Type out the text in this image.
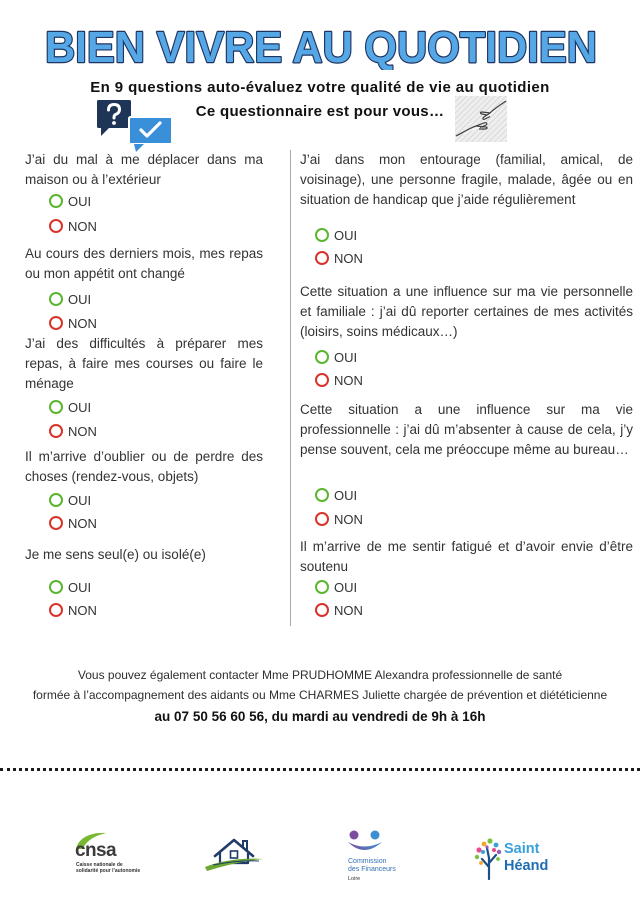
BIEN VIVRE AU QUOTIDIEN
En 9 questions auto-évaluez votre qualité de vie au quotidien
Ce questionnaire est pour vous…
J’ai du mal à me déplacer dans ma maison ou à l’extérieur
OUI
NON
Au cours des derniers mois, mes repas ou mon appétit ont changé
OUI
NON
J’ai des difficultés à préparer mes repas, à faire mes courses ou faire le ménage
OUI
NON
Il m’arrive d’oublier ou de perdre des choses (rendez-vous, objets)
OUI
NON
Je me sens seul(e) ou isolé(e)
OUI
NON
J’ai dans mon entourage (familial, amical, de voisinage), une personne fragile, malade, âgée ou en situation de handicap que j’aide régulièrement
OUI
NON
Cette situation a une influence sur ma vie personnelle et familiale : j’ai dû reporter certaines de mes activités (loisirs, soins médicaux…)
OUI
NON
Cette situation a une influence sur ma vie professionnelle : j’ai dû m’absenter à cause de cela, j’y pense souvent, cela me préoccupe même au bureau…
OUI
NON
Il m’arrive de me sentir fatigué et d’avoir envie d’être soutenu
OUI
NON
Vous pouvez également contacter Mme PRUDHOMME Alexandra professionnelle de santé
formée à l’accompagnement des aidants ou Mme CHARMES Juliette chargée de prévention et diététicienne
au 07 50 56 60 56, du mardi au vendredi de 9h à 16h
cnsa
Caisse nationale de
solidarité pour l’autonomie
Commission
des Financeurs
Loire
Saint
Héand
